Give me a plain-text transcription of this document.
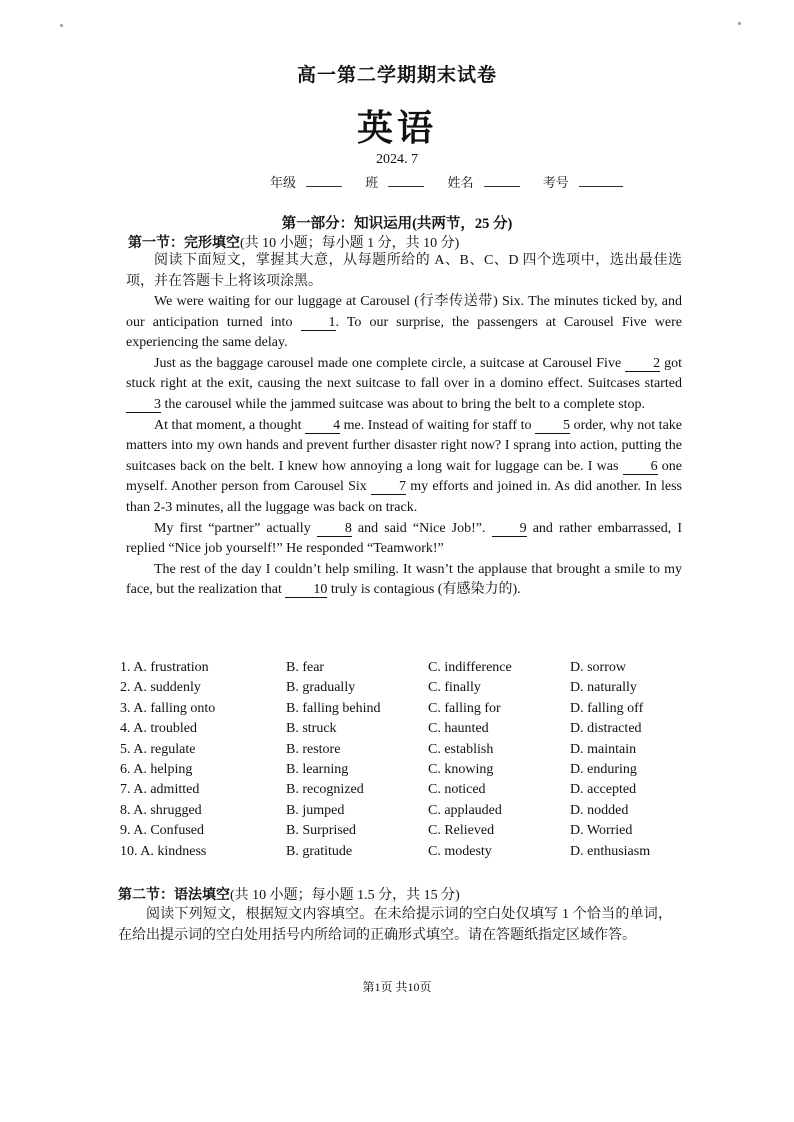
高一第二学期期末试卷
英语
2024. 7
年级	班	姓名	考号
第一部分：知识运用(共两节，25 分)
第一节：完形填空(共 10 小题；每小题 1 分，共 10 分)

阅读下面短文，掌握其大意，从每题所给的 A、B、C、D 四个选项中，选出最佳选项，并在答题卡上将该项涂黑。

We were waiting for our luggage at Carousel (行李传送带) Six. The minutes ticked by, and our anticipation turned into 1. To our surprise, the passengers at Carousel Five were experiencing the same delay.

Just as the baggage carousel made one complete circle, a suitcase at Carousel Five 2 got stuck right at the exit, causing the next suitcase to fall over in a domino effect. Suitcases started 3 the carousel while the jammed suitcase was about to bring the belt to a complete stop.

At that moment, a thought 4 me. Instead of waiting for staff to 5 order, why not take matters into my own hands and prevent further disaster right now? I sprang into action, putting the suitcases back on the belt. I knew how annoying a long wait for luggage can be. I was 6 one myself. Another person from Carousel Six 7 my efforts and joined in. As did another. In less than 2-3 minutes, all the luggage was back on track.

My first “partner” actually 8 and said “Nice Job!”. 9 and rather embarrassed, I replied “Nice job yourself!” He responded “Teamwork!”

The rest of the day I couldn’t help smiling. It wasn’t the applause that brought a smile to my face, but the realization that 10 truly is contagious (有感染力的).

1. A. frustration	B. fear	C. indifference	D. sorrow
2. A. suddenly	B. gradually	C. finally	D. naturally
3. A. falling onto	B. falling behind	C. falling for	D. falling off
4. A. troubled	B. struck	C. haunted	D. distracted
5. A. regulate	B. restore	C. establish	D. maintain
6. A. helping	B. learning	C. knowing	D. enduring
7. A. admitted	B. recognized	C. noticed	D. accepted
8. A. shrugged	B. jumped	C. applauded	D. nodded
9. A. Confused	B. Surprised	C. Relieved	D. Worried
10. A. kindness	B. gratitude	C. modesty	D. enthusiasm
第二节：语法填空(共 10 小题；每小题 1.5 分，共 15 分)

阅读下列短文，根据短文内容填空。在未给提示词的空白处仅填写 1 个恰当的单词，在给出提示词的空白处用括号内所给词的正确形式填空。请在答题纸指定区域作答。

第1页 共10页
